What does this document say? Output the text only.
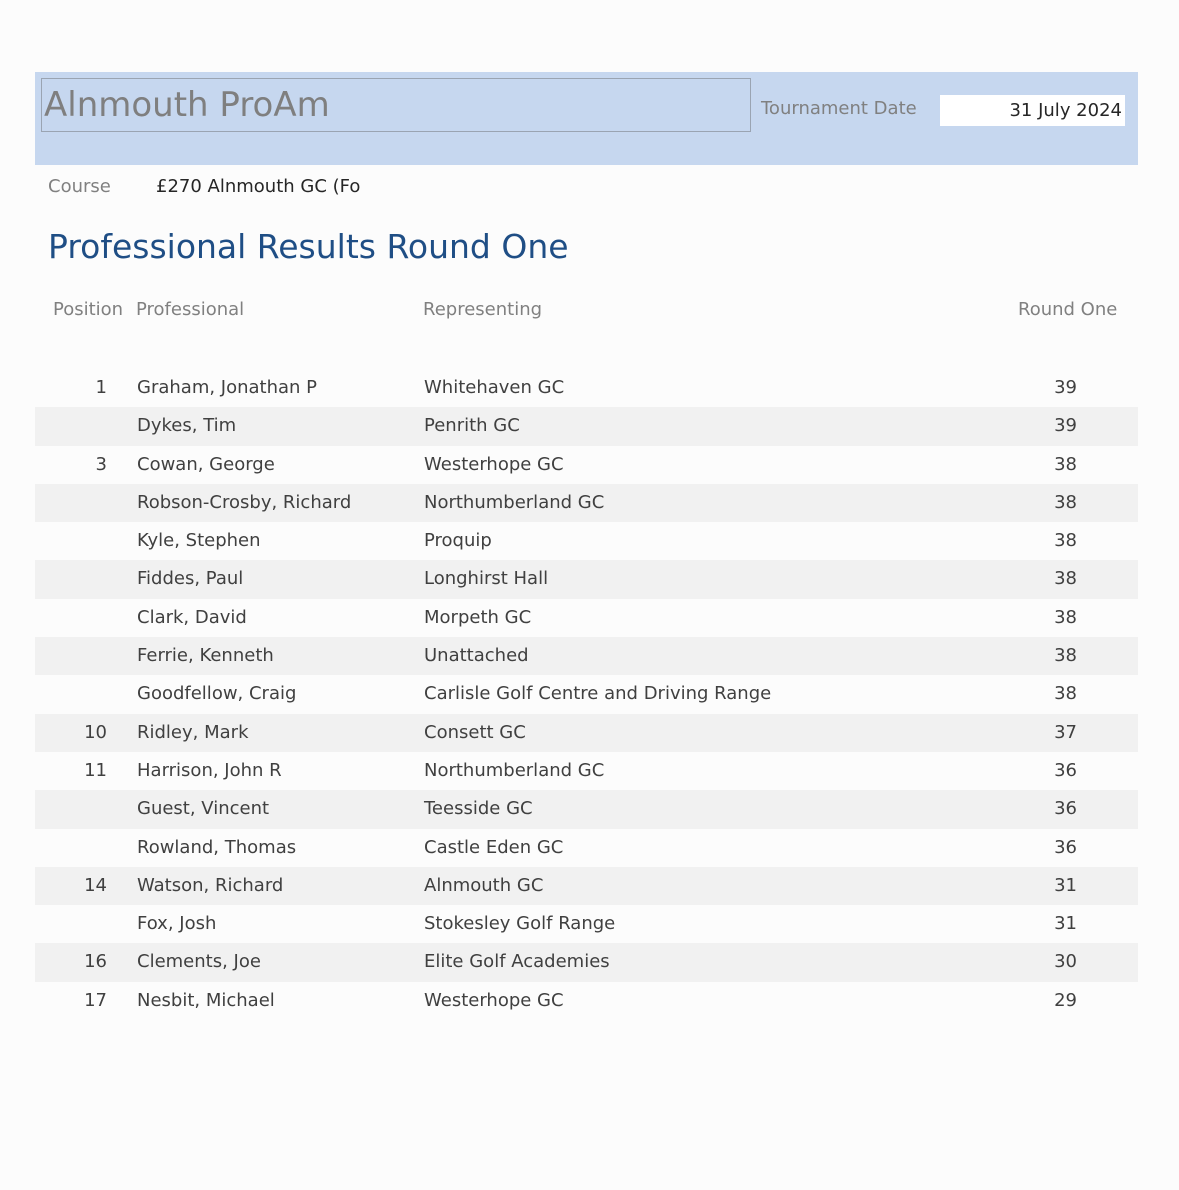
Alnmouth ProAm	Tournament Date	31 July 2024
Course	£270 Alnmouth GC (Fo
Professional Results Round One
Position Professional	Representing	Round One
1 Graham, Jonathan P	Whitehaven GC	39
Dykes, Tim	Penrith GC	39
3 Cowan, George	Westerhope GC	38
Robson-Crosby, Richard	Northumberland GC	38
Kyle, Stephen	Proquip	38
Fiddes, Paul	Longhirst Hall	38
Clark, David	Morpeth GC	38
Ferrie, Kenneth	Unattached	38
Goodfellow, Craig	Carlisle Golf Centre and Driving Range	38
10 Ridley, Mark	Consett GC	37
11 Harrison, John R	Northumberland GC	36
Guest, Vincent	Teesside GC	36
Rowland, Thomas	Castle Eden GC	36
14 Watson, Richard	Alnmouth GC	31
Fox, Josh	Stokesley Golf Range	31
16 Clements, Joe	Elite Golf Academies	30
17 Nesbit, Michael	Westerhope GC	29
